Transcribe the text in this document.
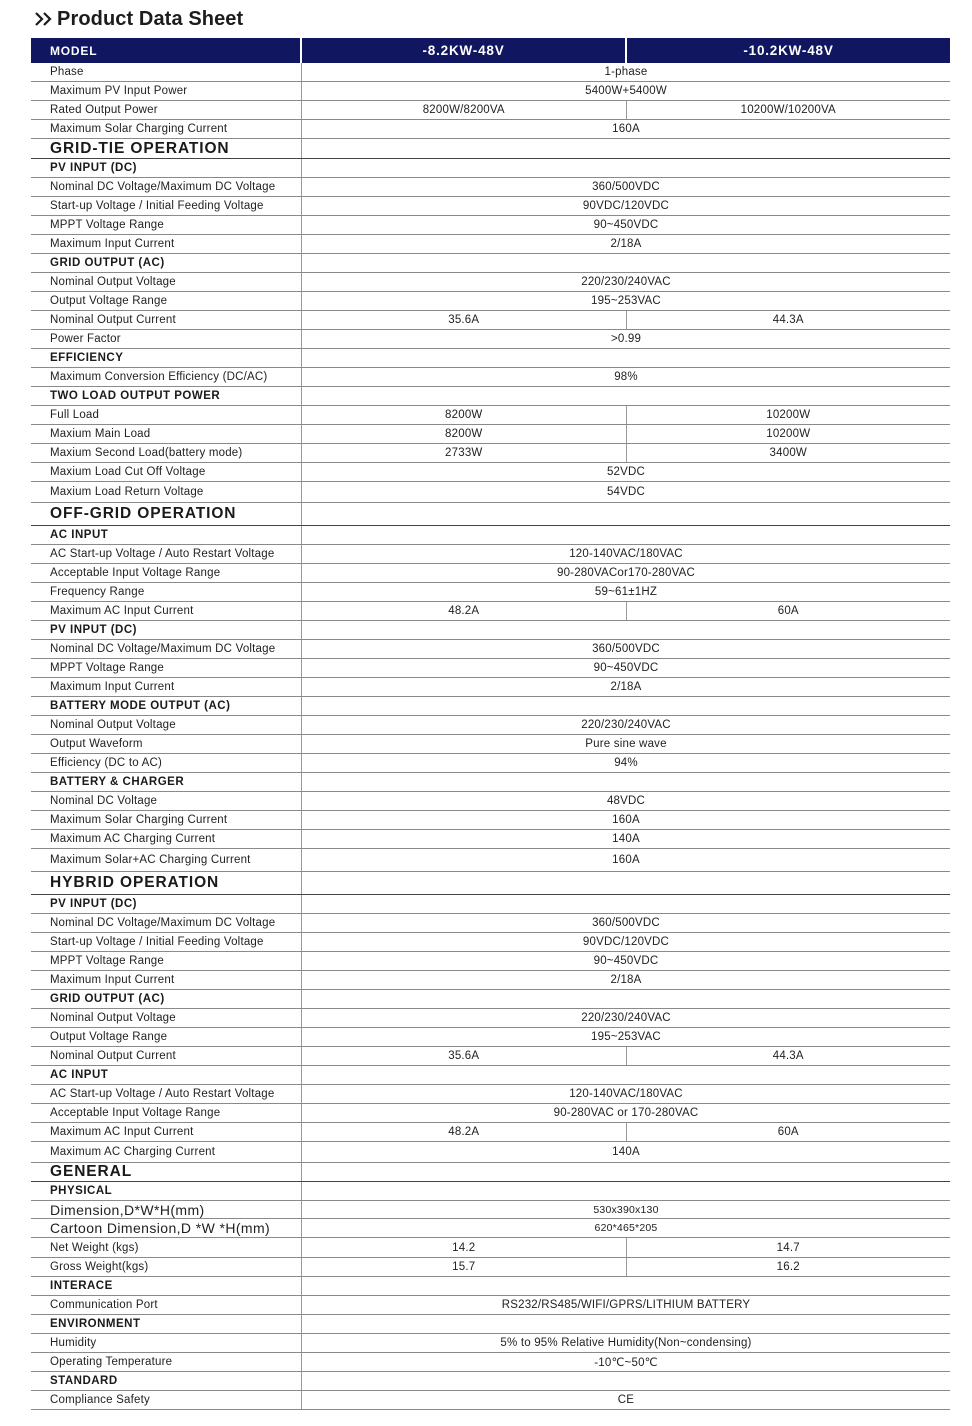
Product Data Sheet
MODEL	-8.2KW-48V	-10.2KW-48V
Phase	1-phase
Maximum PV Input Power	5400W+5400W
Rated Output Power	8200W/8200VA	10200W/10200VA
Maximum Solar Charging Current	160A
GRID-TIE OPERATION
PV INPUT (DC)
Nominal DC Voltage/Maximum DC Voltage	360/500VDC
Start-up Voltage / Initial Feeding Voltage	90VDC/120VDC
MPPT Voltage Range	90~450VDC
Maximum Input Current	2/18A
GRID OUTPUT (AC)
Nominal Output Voltage	220/230/240VAC
Output Voltage Range	195~253VAC
Nominal Output Current	35.6A	44.3A
Power Factor	>0.99
EFFICIENCY
Maximum Conversion Efficiency (DC/AC)	98%
TWO LOAD OUTPUT POWER
Full Load	8200W	10200W
Maxium Main Load	8200W	10200W
Maxium Second Load(battery mode)	2733W	3400W
Maxium Load Cut Off Voltage	52VDC
Maxium Load Return Voltage	54VDC
OFF-GRID OPERATION
AC INPUT
AC Start-up Voltage / Auto Restart Voltage	120-140VAC/180VAC
Acceptable Input Voltage Range	90-280VACor170-280VAC
Frequency Range	59~61±1HZ
Maximum AC Input Current	48.2A	60A
PV INPUT (DC)
Nominal DC Voltage/Maximum DC Voltage	360/500VDC
MPPT Voltage Range	90~450VDC
Maximum Input Current	2/18A
BATTERY MODE OUTPUT (AC)
Nominal Output Voltage	220/230/240VAC
Output Waveform	Pure sine wave
Efficiency (DC to AC)	94%
BATTERY & CHARGER
Nominal DC Voltage	48VDC
Maximum Solar Charging Current	160A
Maximum AC Charging Current	140A
Maximum Solar+AC Charging Current	160A
HYBRID OPERATION
PV INPUT (DC)
Nominal DC Voltage/Maximum DC Voltage	360/500VDC
Start-up Voltage / Initial Feeding Voltage	90VDC/120VDC
MPPT Voltage Range	90~450VDC
Maximum Input Current	2/18A
GRID OUTPUT (AC)
Nominal Output Voltage	220/230/240VAC
Output Voltage Range	195~253VAC
Nominal Output Current	35.6A	44.3A
AC INPUT
AC Start-up Voltage / Auto Restart Voltage	120-140VAC/180VAC
Acceptable Input Voltage Range	90-280VAC or 170-280VAC
Maximum AC Input Current	48.2A	60A
Maximum AC Charging Current	140A
GENERAL
PHYSICAL
Dimension,D*W*H(mm)	530x390x130
Cartoon Dimension,D *W *H(mm)	620*465*205
Net Weight (kgs)	14.2	14.7
Gross Weight(kgs)	15.7	16.2
INTERACE
Communication Port	RS232/RS485/WIFI/GPRS/LITHIUM BATTERY
ENVIRONMENT
Humidity	5% to 95% Relative Humidity(Non~condensing)
Operating Temperature	-10℃~50℃
STANDARD
Compliance Safety	CE
